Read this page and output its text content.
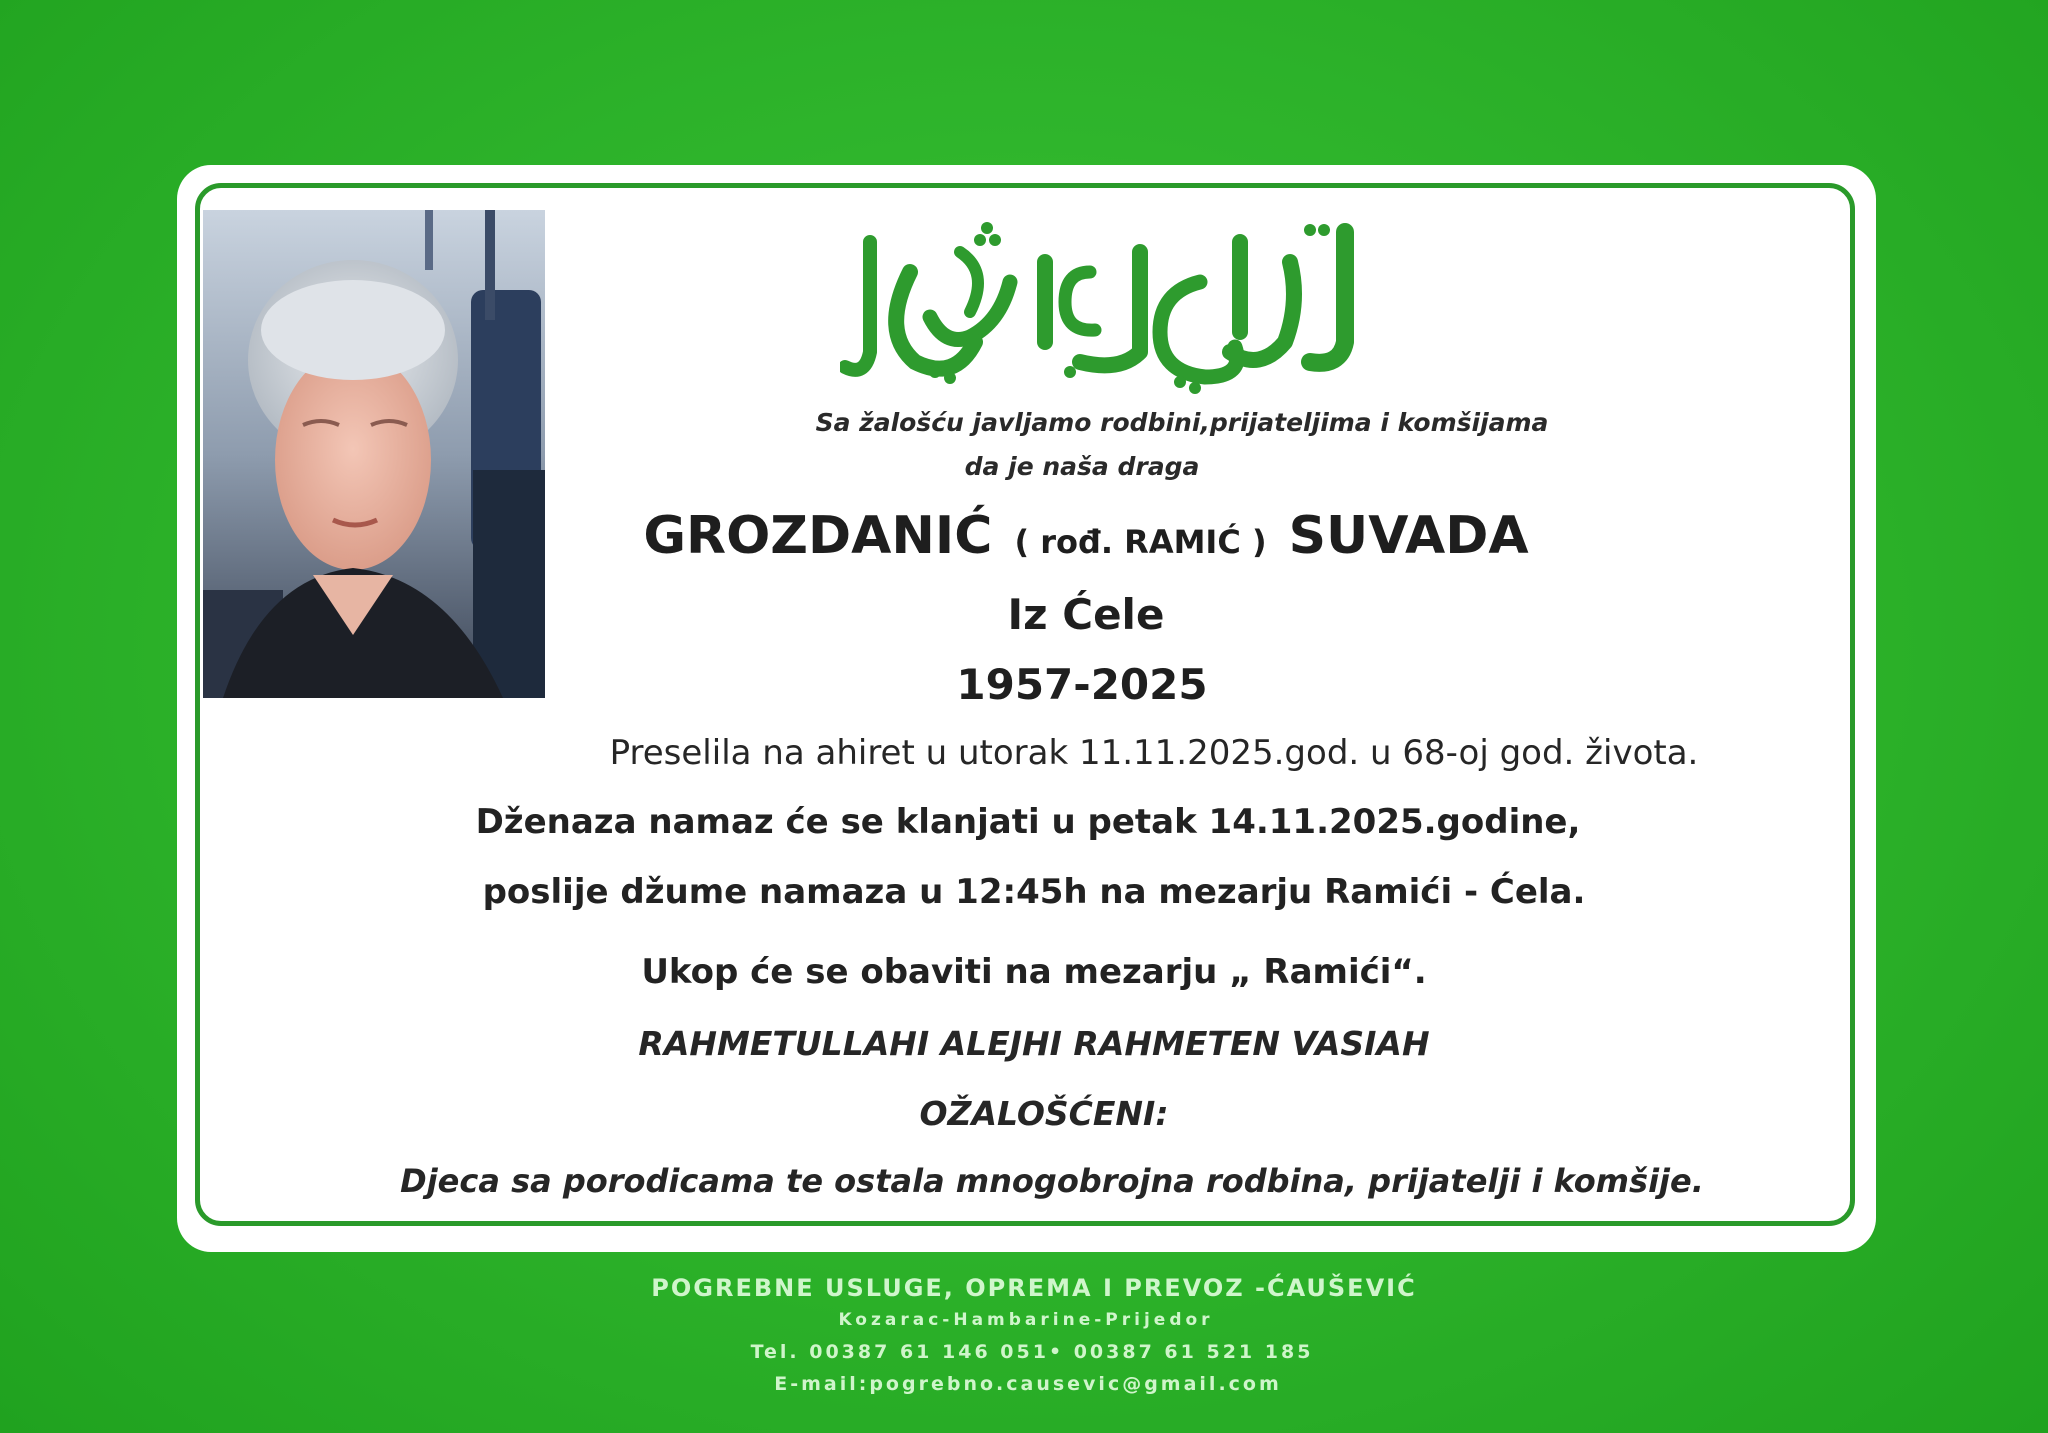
ارتحل الى رحمة الله
Sa žalošću javljamo rodbini,prijateljima i komšijama
da je naša draga
GROZDANIĆ ( rođ. RAMIĆ ) SUVADA
Iz Ćele
1957-2025
Preselila na ahiret u utorak 11.11.2025.god. u 68-oj god. života.
Dženaza namaz će se klanjati u petak 14.11.2025.godine,
poslije džume namaza u 12:45h na mezarju Ramići - Ćela.
Ukop će se obaviti na mezarju „ Ramići“.
RAHMETULLAHI ALEJHI RAHMETEN VASIAH
OŽALOŠĆENI:
Djeca sa porodicama te ostala mnogobrojna rodbina, prijatelji i komšije.
POGREBNE USLUGE, OPREMA I PREVOZ -ĆAUŠEVIĆ
Kozarac-Hambarine-Prijedor
Tel. 00387 61 146 051• 00387 61 521 185
E-mail:pogrebno.causevic@gmail.com
